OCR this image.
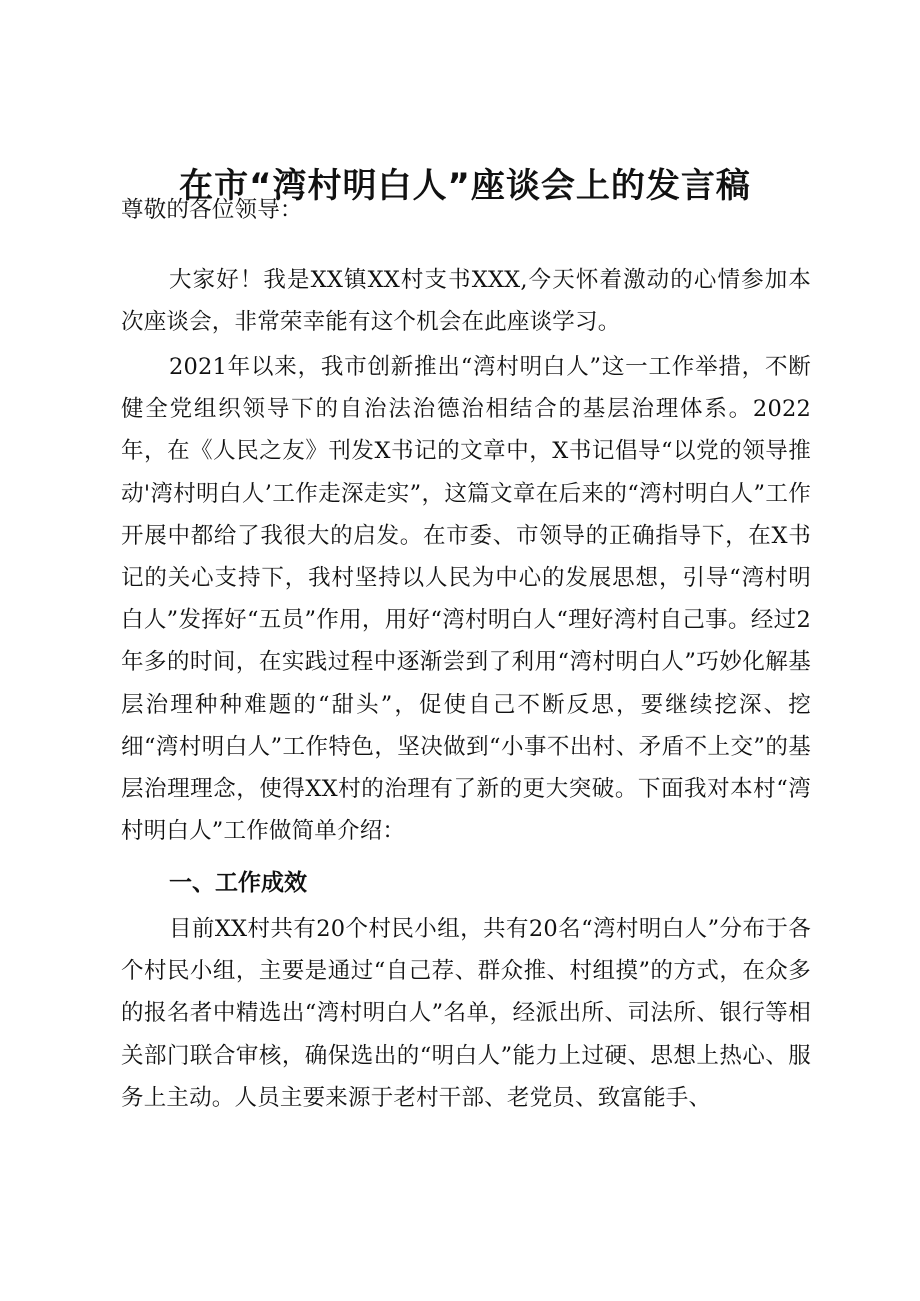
在市“湾村明白人”座谈会上的发言稿
尊敬的各位领导：
大家好！我是XX镇XX村支书XXX,今天怀着激动的心情参加本次座谈会，非常荣幸能有这个机会在此座谈学习。
2021年以来，我市创新推出“湾村明白人”这一工作举措，不断健全党组织领导下的自治法治德治相结合的基层治理体系。2022年，在《人民之友》刊发X书记的文章中，X书记倡导“以党的领导推动'湾村明白人’工作走深走实”，这篇文章在后来的“湾村明白人”工作开展中都给了我很大的启发。在市委、市领导的正确指导下，在X书记的关心支持下，我村坚持以人民为中心的发展思想，引导“湾村明白人”发挥好“五员”作用，用好“湾村明白人“理好湾村自己事。经过2年多的时间，在实践过程中逐渐尝到了利用“湾村明白人”巧妙化解基层治理种种难题的“甜头”，促使自己不断反思，要继续挖深、挖细“湾村明白人”工作特色，坚决做到“小事不出村、矛盾不上交”的基层治理理念，使得XX村的治理有了新的更大突破。下面我对本村“湾村明白人”工作做简单介绍：
一、工作成效
目前XX村共有20个村民小组，共有20名“湾村明白人”分布于各个村民小组，主要是通过“自己荐、群众推、村组摸”的方式，在众多的报名者中精选出“湾村明白人”名单，经派出所、司法所、银行等相关部门联合审核，确保选出的“明白人”能力上过硬、思想上热心、服务上主动。人员主要来源于老村干部、老党员、致富能手、
